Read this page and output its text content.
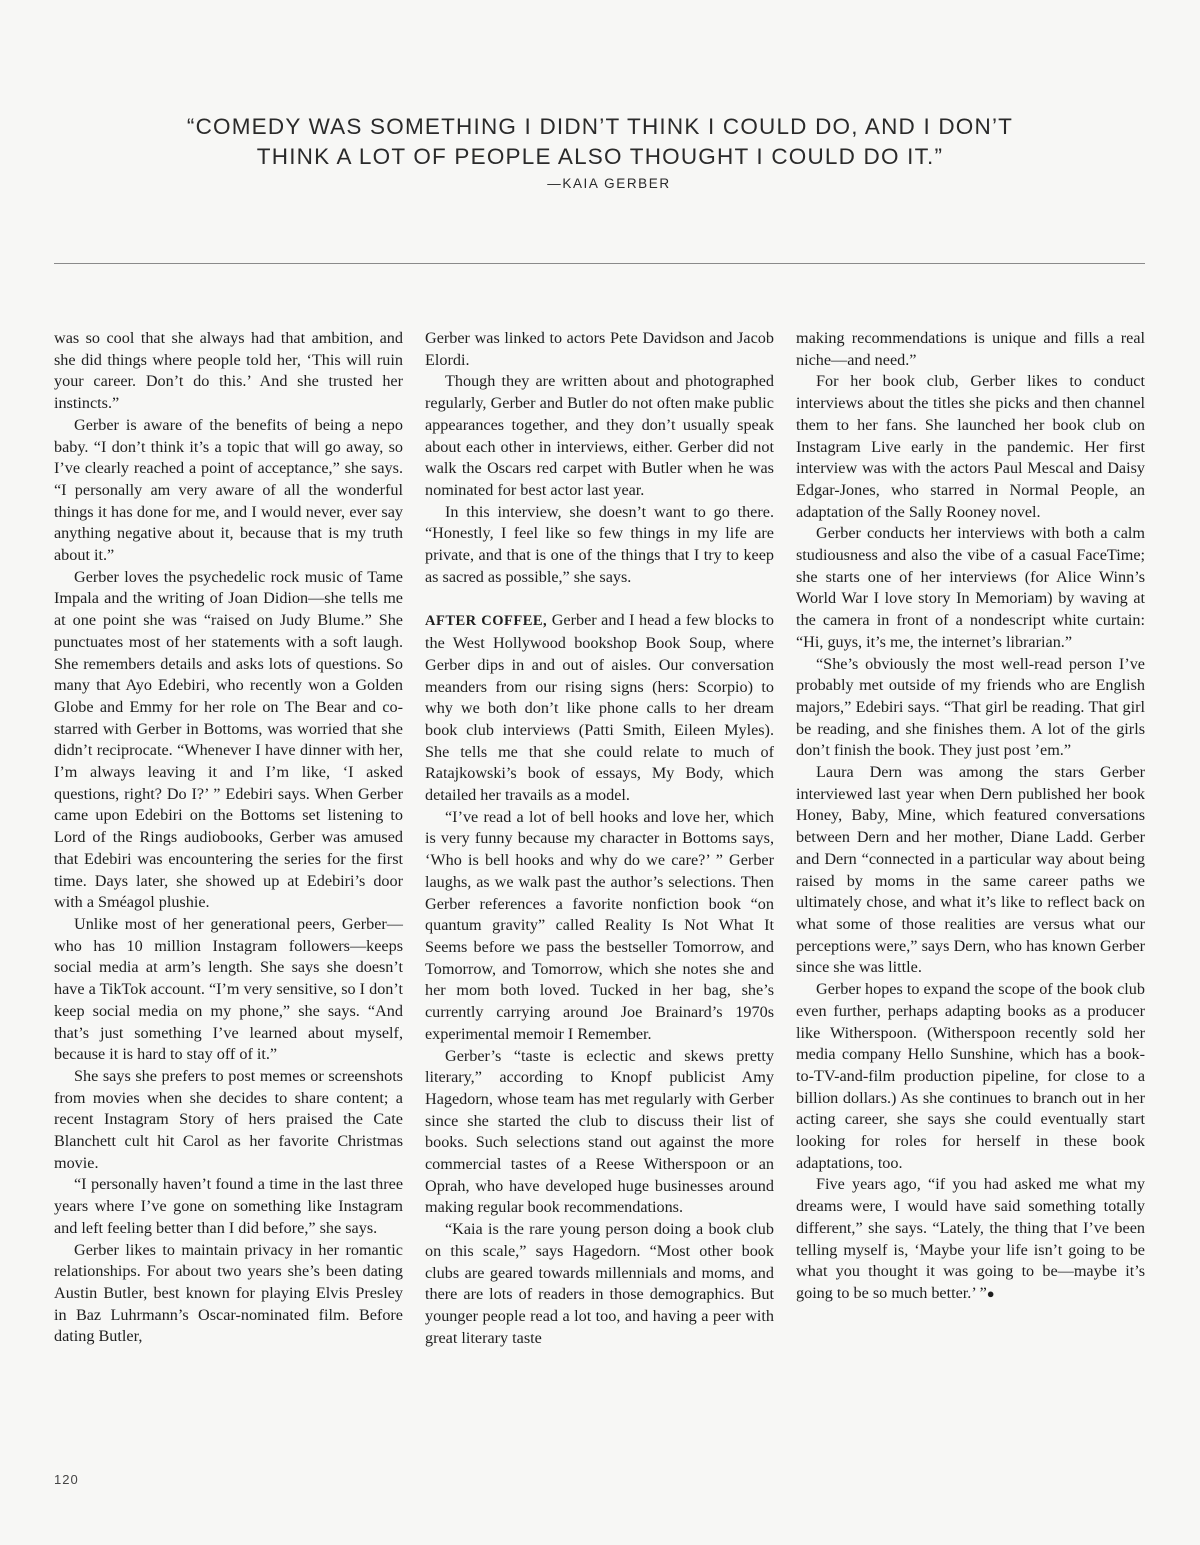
“COMEDY WAS SOMETHING I DIDN’T THINK I COULD DO, AND I DON’T
THINK A LOT OF PEOPLE ALSO THOUGHT I COULD DO IT.”
—KAIA GERBER

was so cool that she always had that ambition, and she did things where people told her, ‘This will ruin your career. Don’t do this.’ And she trusted her instincts.”

Gerber is aware of the benefits of being a nepo baby. “I don’t think it’s a topic that will go away, so I’ve clearly reached a point of acceptance,” she says. “I personally am very aware of all the wonderful things it has done for me, and I would never, ever say anything negative about it, because that is my truth about it.”

Gerber loves the psychedelic rock music of Tame Impala and the writing of Joan Didion—she tells me at one point she was “raised on Judy Blume.” She punctuates most of her statements with a soft laugh. She remembers details and asks lots of questions. So many that Ayo Edebiri, who recently won a Golden Globe and Emmy for her role on The Bear and co-starred with Gerber in Bottoms, was worried that she didn’t reciprocate. “Whenever I have dinner with her, I’m always leaving it and I’m like, ‘I asked questions, right? Do I?’ ” Edebiri says. When Gerber came upon Edebiri on the Bottoms set listening to Lord of the Rings audiobooks, Gerber was amused that Edebiri was encountering the series for the first time. Days later, she showed up at Edebiri’s door with a Sméagol plushie.

Unlike most of her generational peers, Gerber—who has 10 million Instagram followers—keeps social media at arm’s length. She says she doesn’t have a TikTok account. “I’m very sensitive, so I don’t keep social media on my phone,” she says. “And that’s just something I’ve learned about myself, because it is hard to stay off of it.”

She says she prefers to post memes or screenshots from movies when she decides to share content; a recent Instagram Story of hers praised the Cate Blanchett cult hit Carol as her favorite Christmas movie.

“I personally haven’t found a time in the last three years where I’ve gone on something like Instagram and left feeling better than I did before,” she says.

Gerber likes to maintain privacy in her romantic relationships. For about two years she’s been dating Austin Butler, best known for playing Elvis Presley in Baz Luhrmann’s Oscar-nominated film. Before dating Butler,

Gerber was linked to actors Pete Davidson and Jacob Elordi.

Though they are written about and photographed regularly, Gerber and Butler do not often make public appearances together, and they don’t usually speak about each other in interviews, either. Gerber did not walk the Oscars red carpet with Butler when he was nominated for best actor last year.

In this interview, she doesn’t want to go there. “Honestly, I feel like so few things in my life are private, and that is one of the things that I try to keep as sacred as possible,” she says.

AFTER COFFEE, Gerber and I head a few blocks to the West Hollywood bookshop Book Soup, where Gerber dips in and out of aisles. Our conversation meanders from our rising signs (hers: Scorpio) to why we both don’t like phone calls to her dream book club interviews (Patti Smith, Eileen Myles). She tells me that she could relate to much of Ratajkowski’s book of essays, My Body, which detailed her travails as a model.

“I’ve read a lot of bell hooks and love her, which is very funny because my character in Bottoms says, ‘Who is bell hooks and why do we care?’ ” Gerber laughs, as we walk past the author’s selections. Then Gerber references a favorite nonfiction book “on quantum gravity” called Reality Is Not What It Seems before we pass the bestseller Tomorrow, and Tomorrow, and Tomorrow, which she notes she and her mom both loved. Tucked in her bag, she’s currently carrying around Joe Brainard’s 1970s experimental memoir I Remember.

Gerber’s “taste is eclectic and skews pretty literary,” according to Knopf publicist Amy Hagedorn, whose team has met regularly with Gerber since she started the club to discuss their list of books. Such selections stand out against the more commercial tastes of a Reese Witherspoon or an Oprah, who have developed huge businesses around making regular book recommendations.

“Kaia is the rare young person doing a book club on this scale,” says Hagedorn. “Most other book clubs are geared towards millennials and moms, and there are lots of readers in those demographics. But younger people read a lot too, and having a peer with great literary taste

making recommendations is unique and fills a real niche—and need.”

For her book club, Gerber likes to conduct interviews about the titles she picks and then channel them to her fans. She launched her book club on Instagram Live early in the pandemic. Her first interview was with the actors Paul Mescal and Daisy Edgar-Jones, who starred in Normal People, an adaptation of the Sally Rooney novel.

Gerber conducts her interviews with both a calm studiousness and also the vibe of a casual FaceTime; she starts one of her interviews (for Alice Winn’s World War I love story In Memoriam) by waving at the camera in front of a nondescript white curtain: “Hi, guys, it’s me, the internet’s librarian.”

“She’s obviously the most well-read person I’ve probably met outside of my friends who are English majors,” Edebiri says. “That girl be reading. That girl be reading, and she finishes them. A lot of the girls don’t finish the book. They just post ’em.”

Laura Dern was among the stars Gerber interviewed last year when Dern published her book Honey, Baby, Mine, which featured conversations between Dern and her mother, Diane Ladd. Gerber and Dern “connected in a particular way about being raised by moms in the same career paths we ultimately chose, and what it’s like to reflect back on what some of those realities are versus what our perceptions were,” says Dern, who has known Gerber since she was little.

Gerber hopes to expand the scope of the book club even further, perhaps adapting books as a producer like Witherspoon. (Witherspoon recently sold her media company Hello Sunshine, which has a book-to-TV-and-film production pipeline, for close to a billion dollars.) As she continues to branch out in her acting career, she says she could eventually start looking for roles for herself in these book adaptations, too.

Five years ago, “if you had asked me what my dreams were, I would have said something totally different,” she says. “Lately, the thing that I’ve been telling myself is, ‘Maybe your life isn’t going to be what you thought it was going to be—maybe it’s going to be so much better.’ ”●

120
